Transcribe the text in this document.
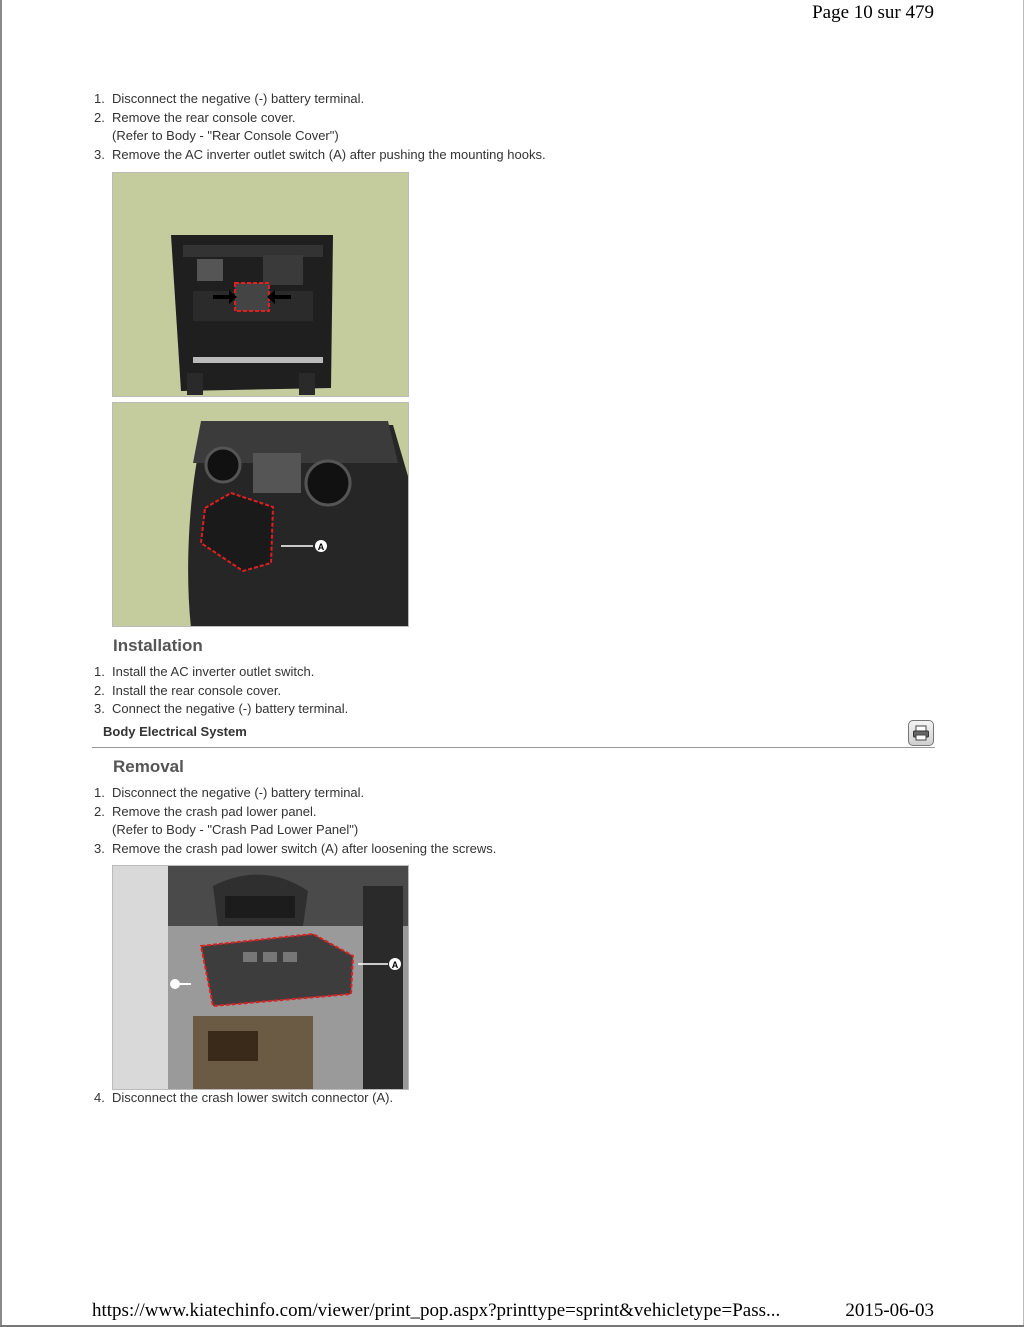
Page 10 sur 479
1. Disconnect the negative (-) battery terminal.
2. Remove the rear console cover.
(Refer to Body - "Rear Console Cover")
3. Remove the AC inverter outlet switch (A) after pushing the mounting hooks.
A
Installation
1. Install the AC inverter outlet switch.
2. Install the rear console cover.
3. Connect the negative (-) battery terminal.
Body Electrical System
Removal
1. Disconnect the negative (-) battery terminal.
2. Remove the crash pad lower panel.
(Refer to Body - "Crash Pad Lower Panel")
3. Remove the crash pad lower switch (A) after loosening the screws.
A
4. Disconnect the crash lower switch connector (A).
https://www.kiatechinfo.com/viewer/print_pop.aspx?printtype=sprint&vehicletype=Pass...	2015-06-03
